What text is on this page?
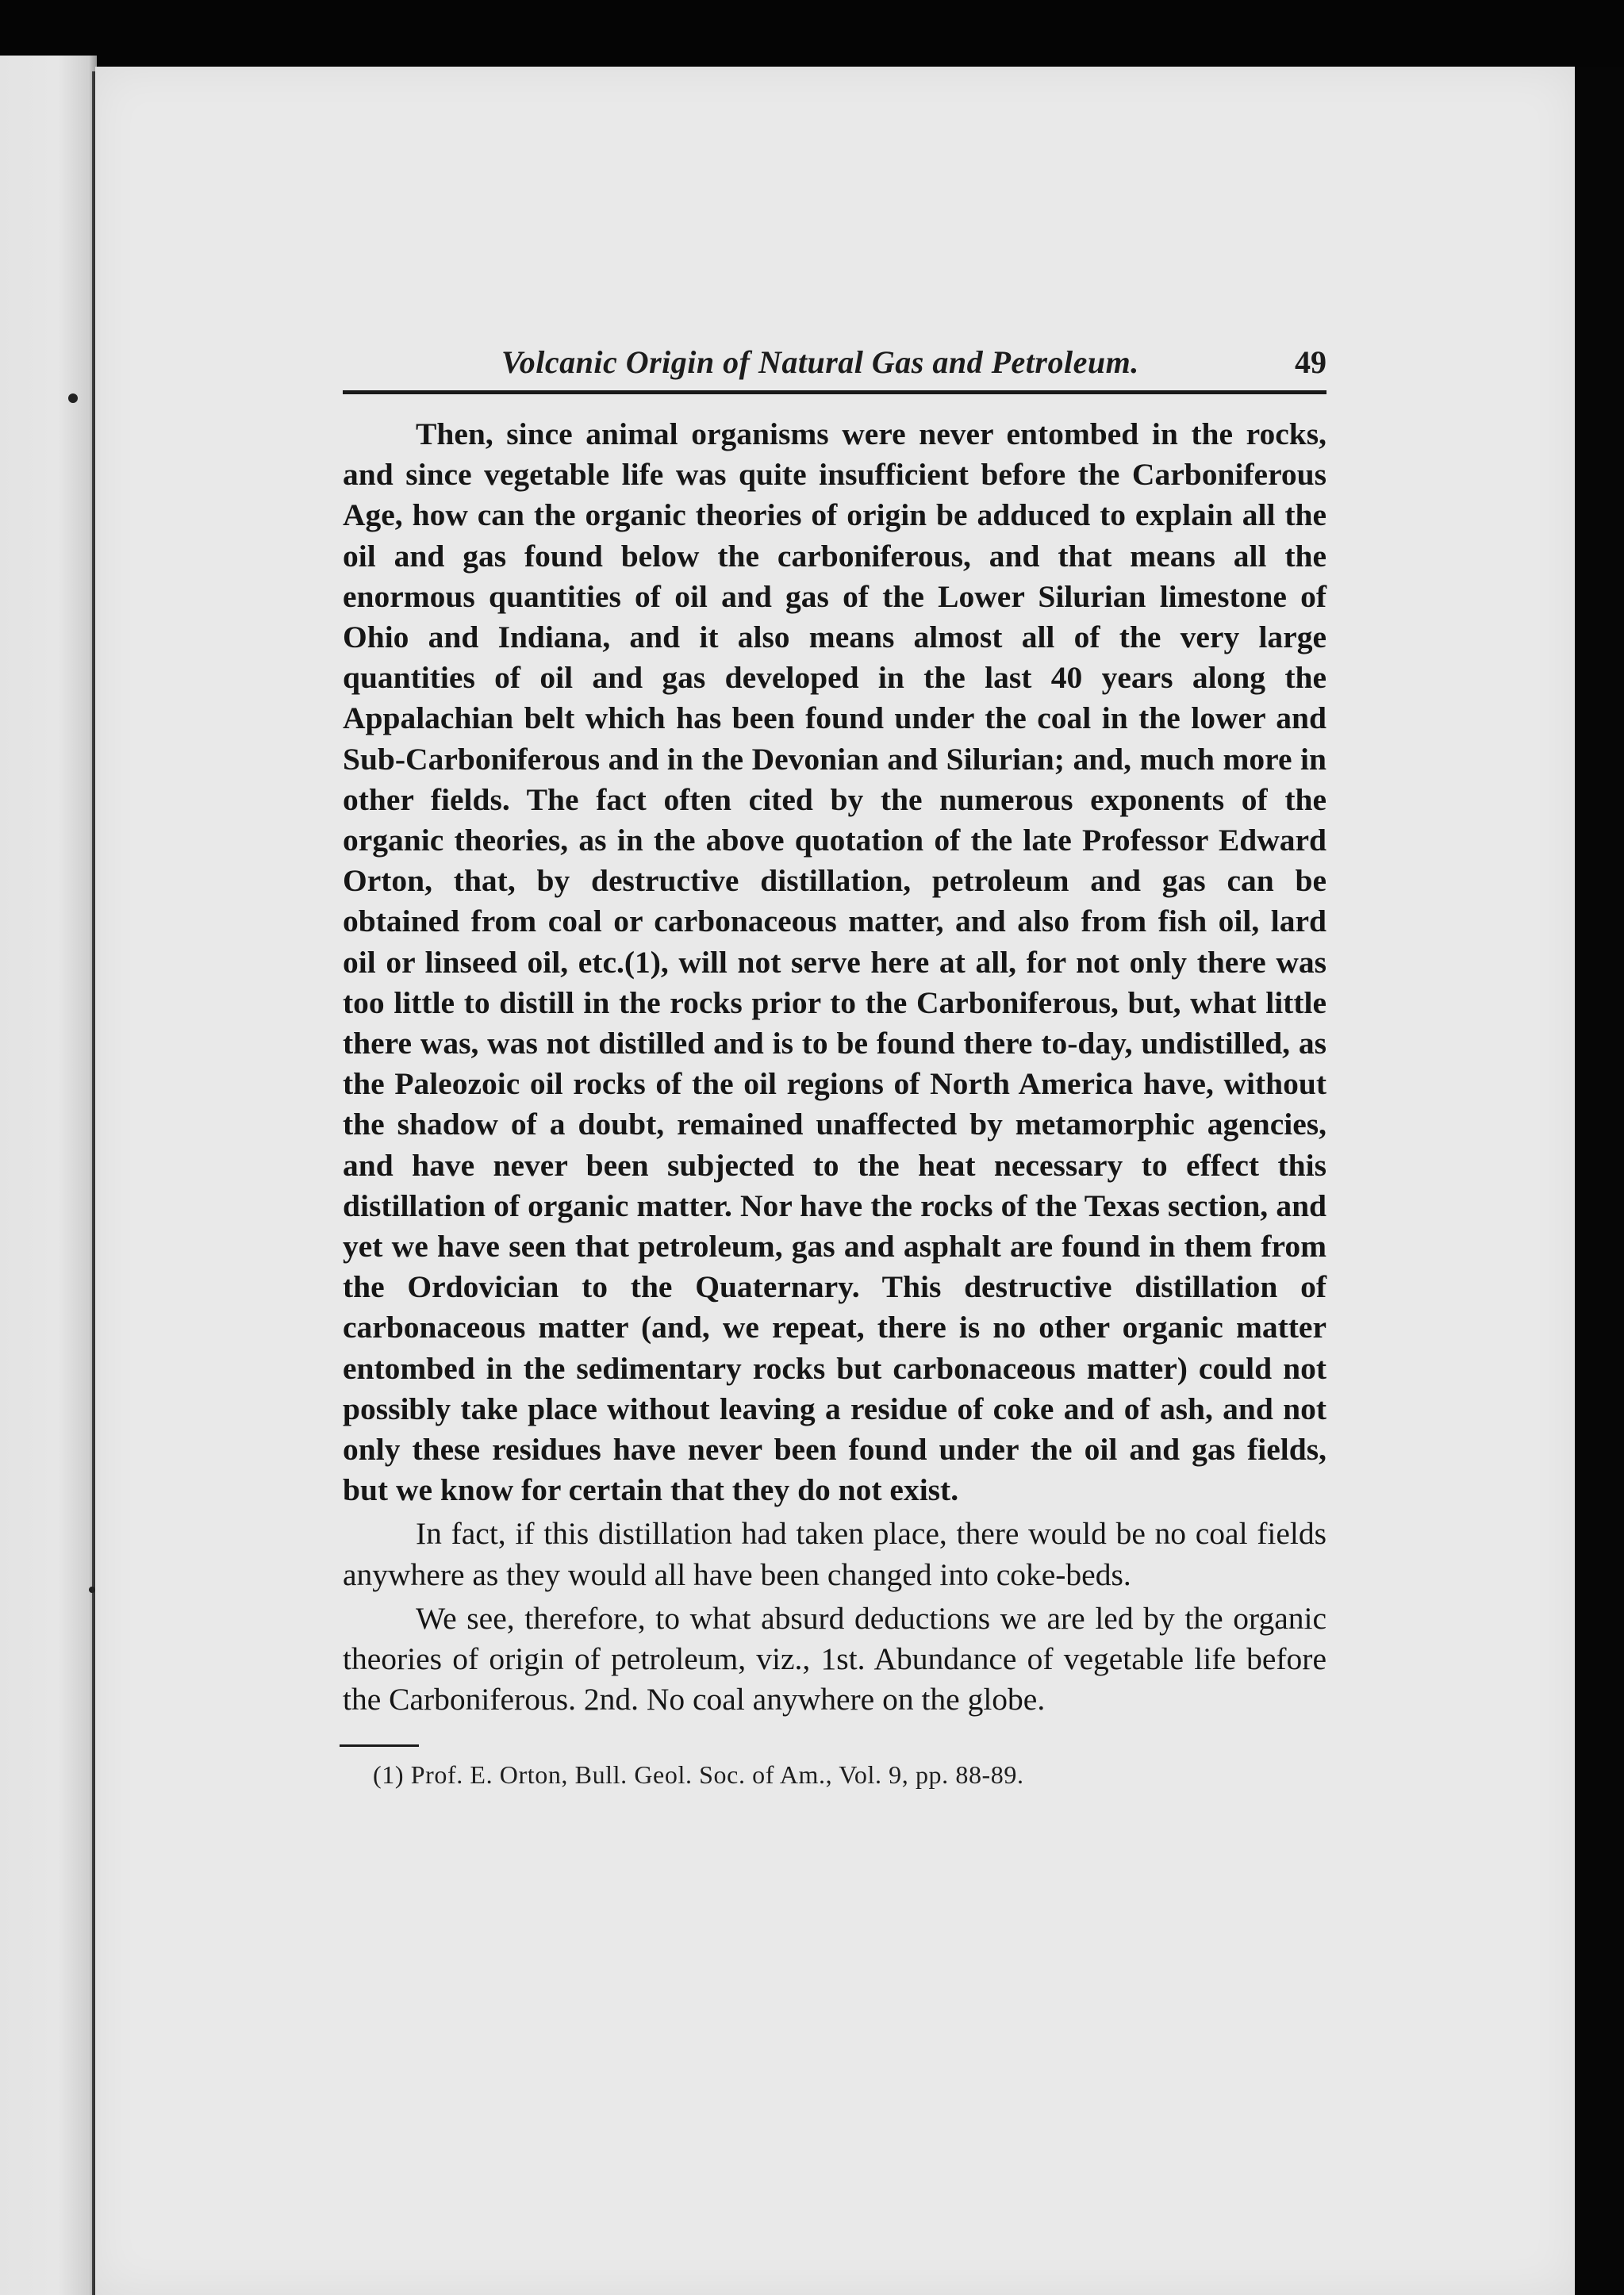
Volcanic Origin of Natural Gas and Petroleum.	49

Then, since animal organisms were never entombed in the rocks, and since vegetable life was quite insufficient before the Carboniferous Age, how can the organic theories of origin be adduced to explain all the oil and gas found below the carboniferous, and that means all the enormous quantities of oil and gas of the Lower Silurian limestone of Ohio and Indiana, and it also means almost all of the very large quantities of oil and gas developed in the last 40 years along the Appalachian belt which has been found under the coal in the lower and Sub-Carboniferous and in the Devonian and Silurian; and, much more in other fields. The fact often cited by the numerous exponents of the organic theories, as in the above quotation of the late Professor Edward Orton, that, by destructive distillation, petroleum and gas can be obtained from coal or carbonaceous matter, and also from fish oil, lard oil or linseed oil, etc.(1), will not serve here at all, for not only there was too little to distill in the rocks prior to the Carboniferous, but, what little there was, was not distilled and is to be found there to-day, undistilled, as the Paleozoic oil rocks of the oil regions of North America have, without the shadow of a doubt, remained unaffected by metamorphic agencies, and have never been subjected to the heat necessary to effect this distillation of organic matter. Nor have the rocks of the Texas section, and yet we have seen that petroleum, gas and asphalt are found in them from the Ordovician to the Quaternary. This destructive distillation of carbonaceous matter (and, we repeat, there is no other organic matter entombed in the sedimentary rocks but carbonaceous matter) could not possibly take place without leaving a residue of coke and of ash, and not only these residues have never been found under the oil and gas fields, but we know for certain that they do not exist.

In fact, if this distillation had taken place, there would be no coal fields anywhere as they would all have been changed into coke-beds.

We see, therefore, to what absurd deductions we are led by the organic theories of origin of petroleum, viz., 1st. Abundance of vegetable life before the Carboniferous. 2nd. No coal anywhere on the globe.

(1) Prof. E. Orton, Bull. Geol. Soc. of Am., Vol. 9, pp. 88-89.
